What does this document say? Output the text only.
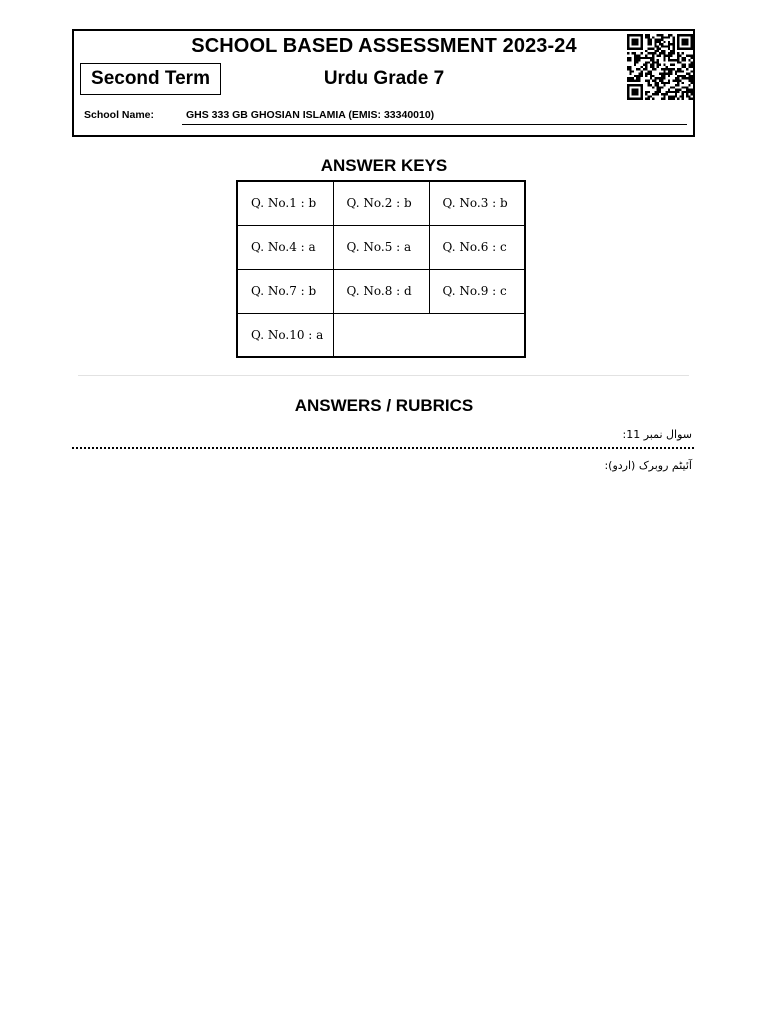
SCHOOL BASED ASSESSMENT 2023-24
Urdu Grade 7
Second Term
School Name:	GHS 333 GB GHOSIAN ISLAMIA (EMIS: 33340010)
ANSWER KEYS
Q. No.1 : b	Q. No.2 : b	Q. No.3 : b
Q. No.4 : a	Q. No.5 : a	Q. No.6 : c
Q. No.7 : b	Q. No.8 : d	Q. No.9 : c
Q. No.10 : a		
ANSWERS / RUBRICS
سوال نمبر 11:
آئیٹم روبرک (اردو):
